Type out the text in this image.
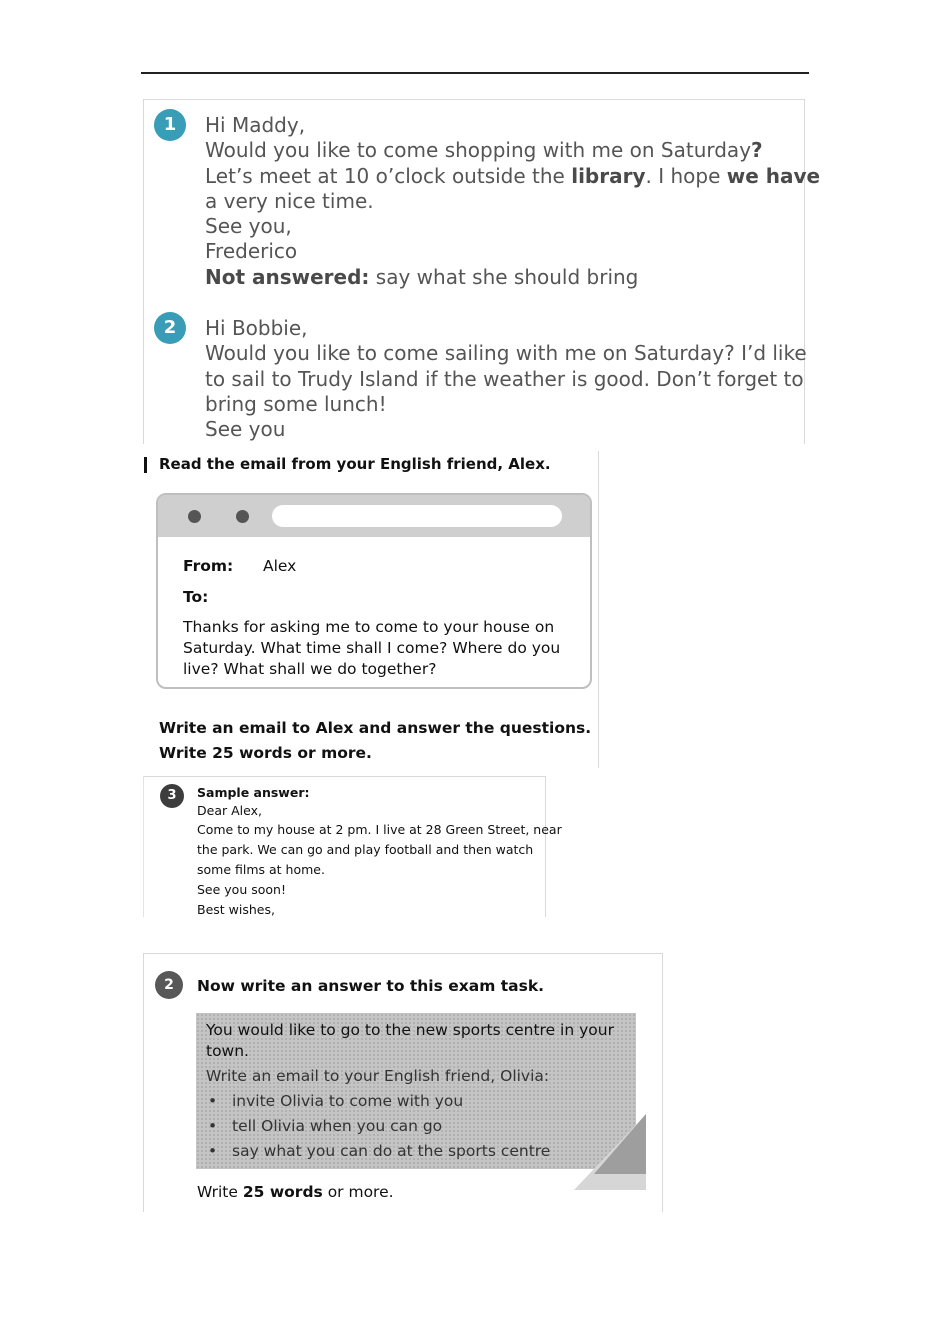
1	Hi Maddy,
Would you like to come shopping with me on Saturday?
Let’s meet at 10 o’clock outside the library. I hope we have
a very nice time.
See you,
Frederico
Not answered: say what she should bring
2	Hi Bobbie,
Would you like to come sailing with me on Saturday? I’d like
to sail to Trudy Island if the weather is good. Don’t forget to
bring some lunch!
See you
Read the email from your English friend, Alex.
From: Alex
To:
Thanks for asking me to come to your house on
Saturday. What time shall I come? Where do you
live? What shall we do together?
Write an email to Alex and answer the questions.
Write 25 words or more.
3	Sample answer:
Dear Alex,
Come to my house at 2 pm. I live at 28 Green Street, near
the park. We can go and play football and then watch
some films at home.
See you soon!
Best wishes,
2	Now write an answer to this exam task.
You would like to go to the new sports centre in your
town.
Write an email to your English friend, Olivia:
• invite Olivia to come with you
• tell Olivia when you can go
• say what you can do at the sports centre
Write 25 words or more.
